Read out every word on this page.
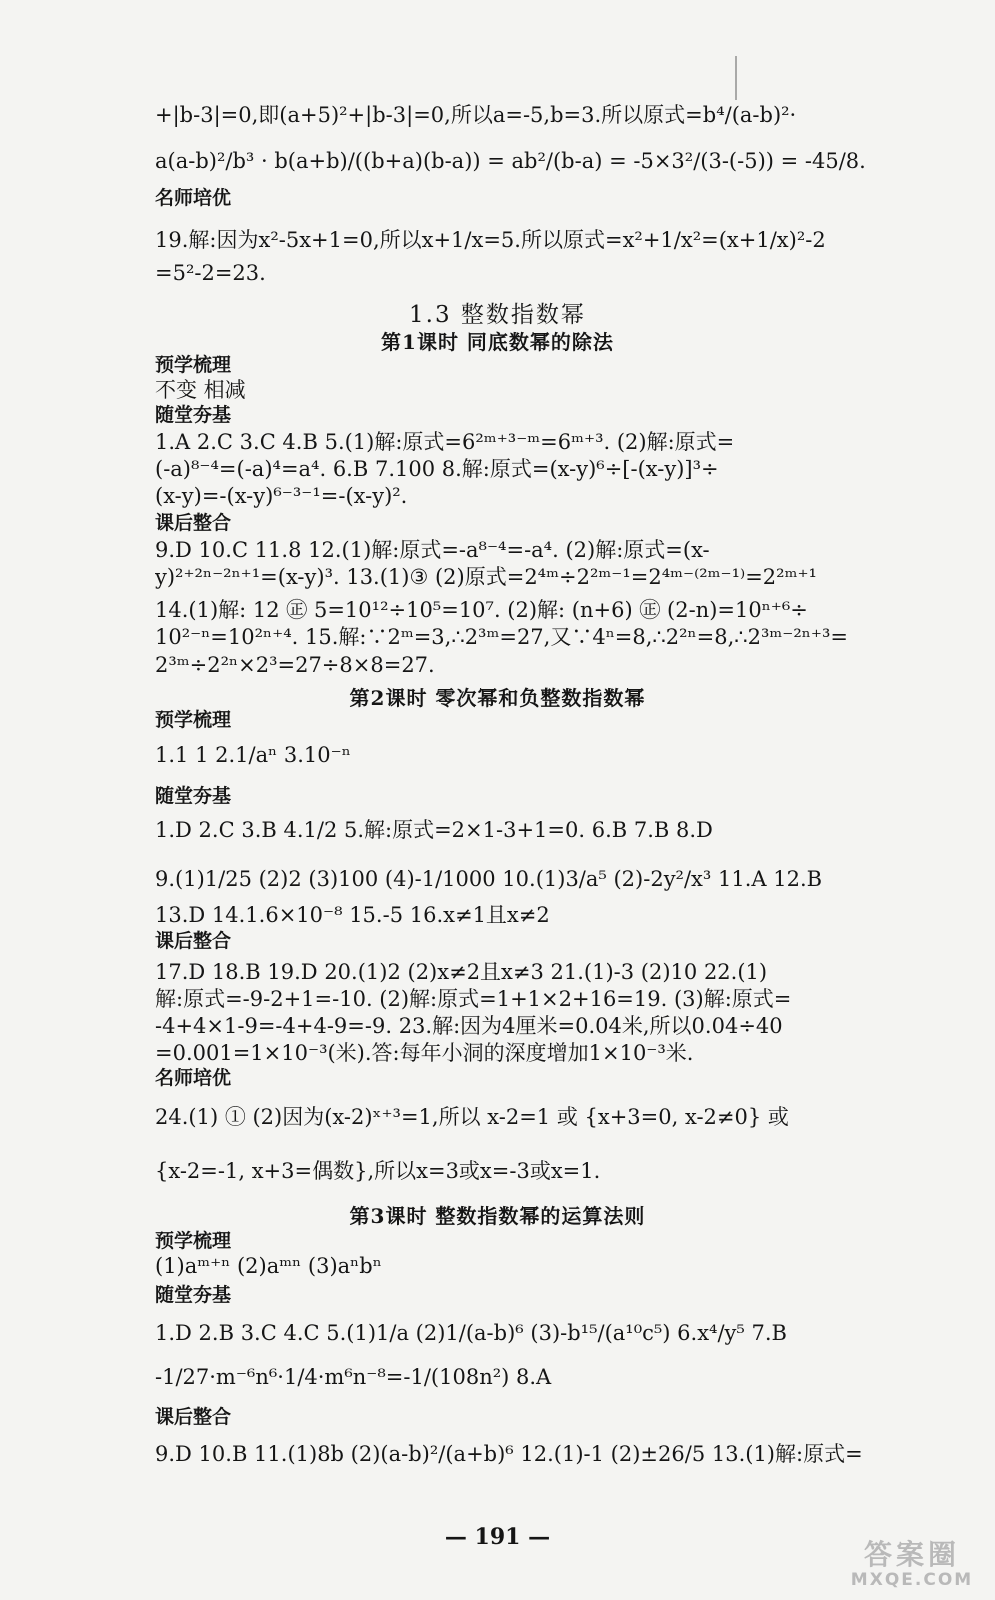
+|b-3|=0,即(a+5)²+|b-3|=0,所以a=-5,b=3.所以原式=b⁴/(a-b)²·
a(a-b)²/b³ · b(a+b)/((b+a)(b-a)) = ab²/(b-a) = -5×3²/(3-(-5)) = -45/8.
名师培优
19.解:因为x²-5x+1=0,所以x+1/x=5.所以原式=x²+1/x²=(x+1/x)²-2
=5²-2=23.
1.3 整数指数幂
第1课时 同底数幂的除法
预学梳理
不变 相减
随堂夯基
1.A 2.C 3.C 4.B 5.(1)解:原式=6²ᵐ⁺³⁻ᵐ=6ᵐ⁺³. (2)解:原式=
(-a)⁸⁻⁴=(-a)⁴=a⁴. 6.B 7.100 8.解:原式=(x-y)⁶÷[-(x-y)]³÷
(x-y)=-(x-y)⁶⁻³⁻¹=-(x-y)².
课后整合
9.D 10.C 11.8 12.(1)解:原式=-a⁸⁻⁴=-a⁴. (2)解:原式=(x-
y)²⁺²ⁿ⁻²ⁿ⁺¹=(x-y)³. 13.(1)③ (2)原式=2⁴ᵐ÷2²ᵐ⁻¹=2⁴ᵐ⁻⁽²ᵐ⁻¹⁾=2²ᵐ⁺¹
14.(1)解: 12 ㊣ 5=10¹²÷10⁵=10⁷. (2)解: (n+6) ㊣ (2-n)=10ⁿ⁺⁶÷
10²⁻ⁿ=10²ⁿ⁺⁴. 15.解:∵2ᵐ=3,∴2³ᵐ=27,又∵4ⁿ=8,∴2²ⁿ=8,∴2³ᵐ⁻²ⁿ⁺³=
2³ᵐ÷2²ⁿ×2³=27÷8×8=27.
第2课时 零次幂和负整数指数幂
预学梳理
1.1 1 2.1/aⁿ 3.10⁻ⁿ
随堂夯基
1.D 2.C 3.B 4.1/2 5.解:原式=2×1-3+1=0. 6.B 7.B 8.D
9.(1)1/25 (2)2 (3)100 (4)-1/1000 10.(1)3/a⁵ (2)-2y²/x³ 11.A 12.B
13.D 14.1.6×10⁻⁸ 15.-5 16.x≠1且x≠2
课后整合
17.D 18.B 19.D 20.(1)2 (2)x≠2且x≠3 21.(1)-3 (2)10 22.(1)
解:原式=-9-2+1=-10. (2)解:原式=1+1×2+16=19. (3)解:原式=
-4+4×1-9=-4+4-9=-9. 23.解:因为4厘米=0.04米,所以0.04÷40
=0.001=1×10⁻³(米).答:每年小洞的深度增加1×10⁻³米.
名师培优
24.(1) ① (2)因为(x-2)ˣ⁺³=1,所以 x-2=1 或 {x+3=0, x-2≠0} 或
{x-2=-1, x+3=偶数},所以x=3或x=-3或x=1.
第3课时 整数指数幂的运算法则
预学梳理
(1)aᵐ⁺ⁿ (2)aᵐⁿ (3)aⁿbⁿ
随堂夯基
1.D 2.B 3.C 4.C 5.(1)1/a (2)1/(a-b)⁶ (3)-b¹⁵/(a¹⁰c⁵) 6.x⁴/y⁵ 7.B
-1/27·m⁻⁶n⁶·1/4·m⁶n⁻⁸=-1/(108n²) 8.A
课后整合
9.D 10.B 11.(1)8b (2)(a-b)²/(a+b)⁶ 12.(1)-1 (2)±26/5 13.(1)解:原式=
— 191 —
答案圈
MXQE.COM
